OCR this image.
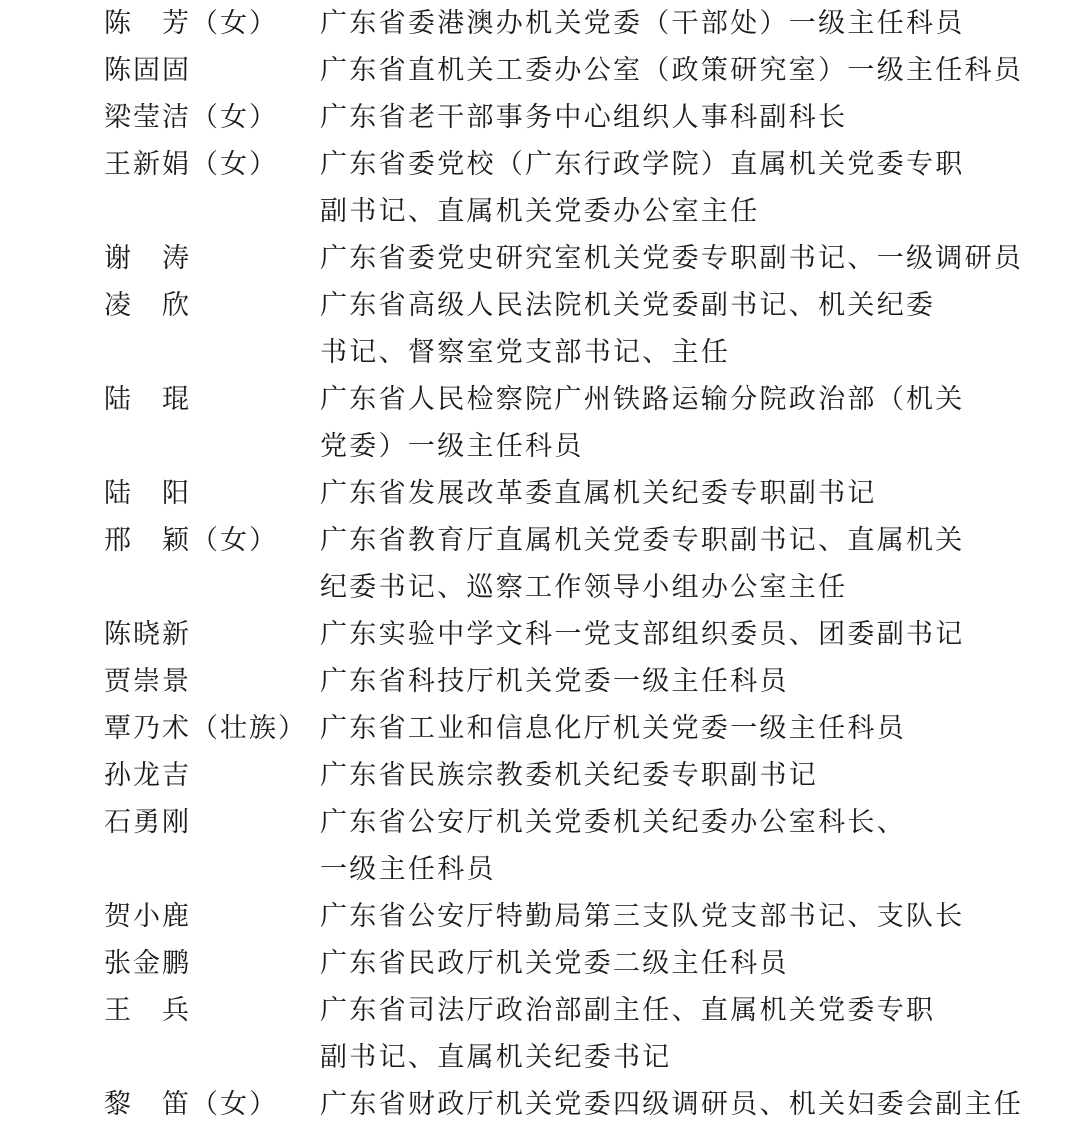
陈　芳（女）	广东省委港澳办机关党委（干部处）一级主任科员
陈固固	广东省直机关工委办公室（政策研究室）一级主任科员
梁莹洁（女）	广东省老干部事务中心组织人事科副科长
王新娟（女）	广东省委党校（广东行政学院）直属机关党委专职
副书记、直属机关党委办公室主任
谢　涛	广东省委党史研究室机关党委专职副书记、一级调研员
凌　欣	广东省高级人民法院机关党委副书记、机关纪委
书记、督察室党支部书记、主任
陆　琨	广东省人民检察院广州铁路运输分院政治部（机关
党委）一级主任科员
陆　阳	广东省发展改革委直属机关纪委专职副书记
邢　颖（女）	广东省教育厅直属机关党委专职副书记、直属机关
纪委书记、巡察工作领导小组办公室主任
陈晓新	广东实验中学文科一党支部组织委员、团委副书记
贾崇景	广东省科技厅机关党委一级主任科员
覃乃术（壮族） 广东省工业和信息化厅机关党委一级主任科员
孙龙吉	广东省民族宗教委机关纪委专职副书记
石勇刚	广东省公安厅机关党委机关纪委办公室科长、
一级主任科员
贺小鹿	广东省公安厅特勤局第三支队党支部书记、支队长
张金鹏	广东省民政厅机关党委二级主任科员
王　兵	广东省司法厅政治部副主任、直属机关党委专职
副书记、直属机关纪委书记
黎　笛（女）	广东省财政厅机关党委四级调研员、机关妇委会副主任
